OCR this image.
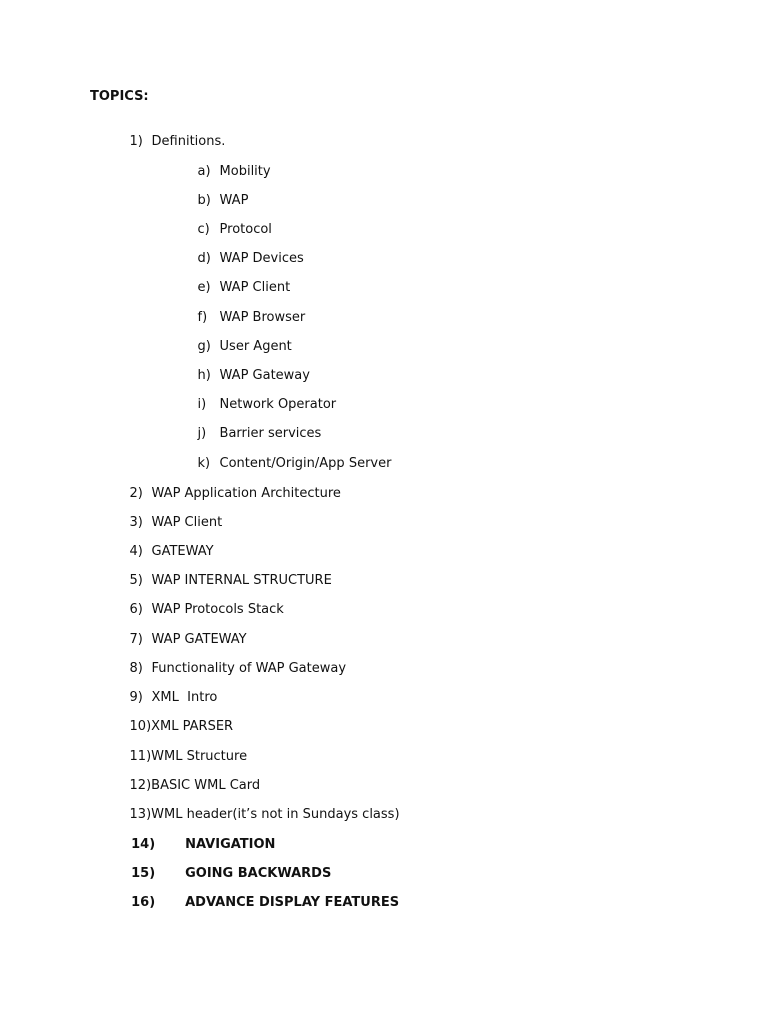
TOPICS:

1) Definitions.

a) Mobility

b) WAP

c) Protocol

d) WAP Devices

e) WAP Client

f) WAP Browser

g) User Agent

h) WAP Gateway

i) Network Operator

j) Barrier services

k) Content/Origin/App Server

2) WAP Application Architecture

3) WAP Client

4) GATEWAY

5) WAP INTERNAL STRUCTURE

6) WAP Protocols Stack

7) WAP GATEWAY

8) Functionality of WAP Gateway

9) XML  Intro

10)XML PARSER

11)WML Structure

12)BASIC WML Card

13)WML header(it’s not in Sundays class)

14) NAVIGATION

15) GOING BACKWARDS

16) ADVANCE DISPLAY FEATURES
